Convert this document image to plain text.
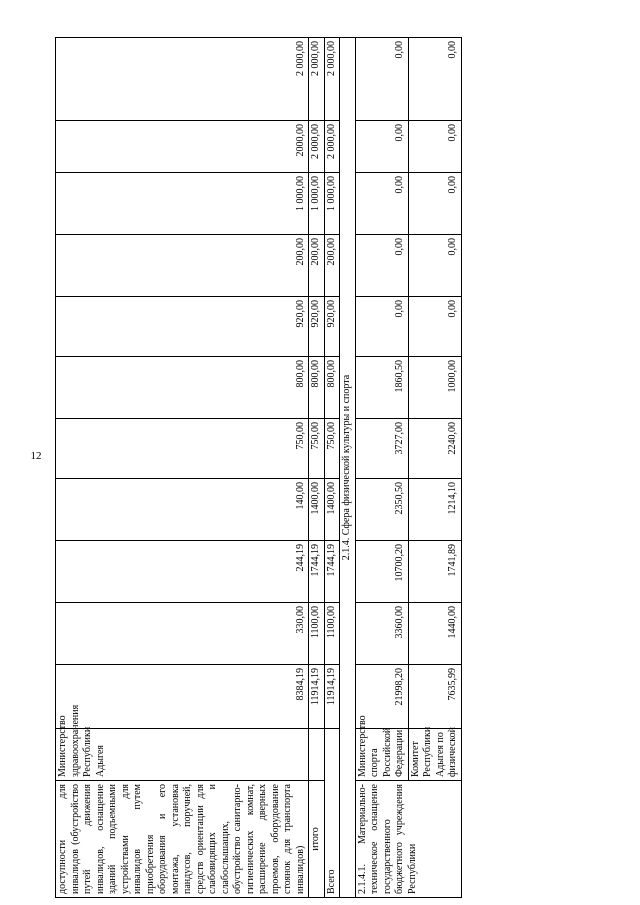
12
доступности для инвалидов (обустройство путей движения инвалидов, оснащение зданий подъемными устройствами для инвалидов путем приобретения оборудования и его монтажа, установка пандусов, поручней, средств ориентации для слабовидящих и слабослышащих, обустройство санитарно-гигиенических комнат, расширение дверных проемов, оборудование стоянок для транспорта инвалидов)	Министерство здравоохранения Республики Адыгея	8384,19	330,00	244,19	140,00	750,00	800,00	920,00	200,00	1 000,00	2000,00	2 000,00
итого		11914,19	1100,00	1744,19	1400,00	750,00	800,00	920,00	200,00	1 000,00	2 000,00	2 000,00
Всего		11914,19	1100,00	1744,19	1400,00	750,00	800,00	920,00	200,00	1 000,00	2 000,00	2 000,00
2.1.4. Сфера физической культуры и спорта												
2.1.4.1. Материально-техническое оснащение государственного бюджетного учреждения Республики	Министерство спорта Российской Федерации	21998,20	3360,00	10700,20	2350,50	3727,00	1860,50	0,00	0,00	0,00	0,00	0,00
	Комитет Республики Адыгея по физической	7635,99	1440,00	1741,89	1214,10	2240,00	1000,00	0,00	0,00	0,00	0,00	0,00
